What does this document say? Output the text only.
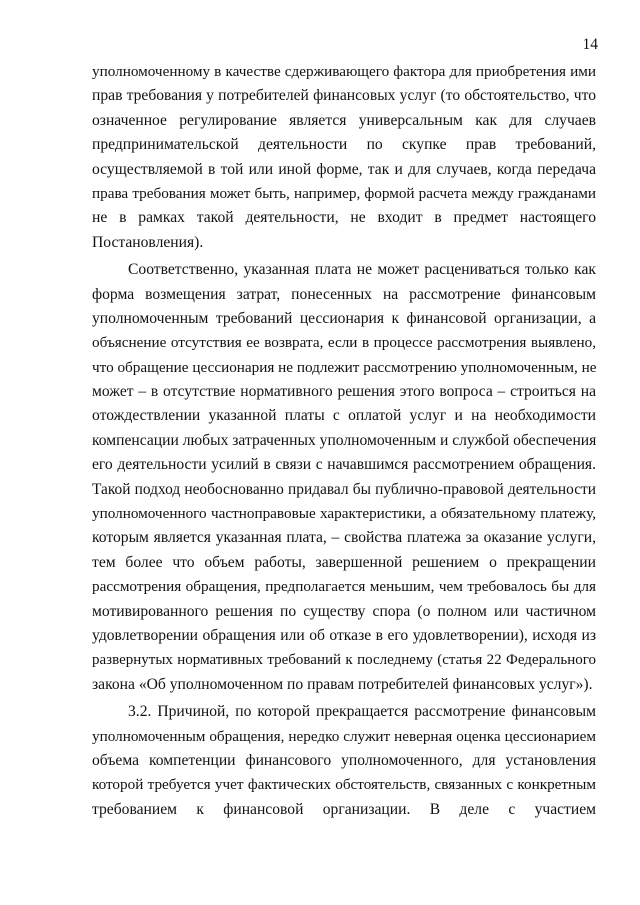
14
уполномоченному в качестве сдерживающего фактора для приобретения ими
прав требования у потребителей финансовых услуг (то обстоятельство, что
означенное регулирование является универсальным как для случаев
предпринимательской деятельности по скупке прав требований,
осуществляемой в той или иной форме, так и для случаев, когда передача
права требования может быть, например, формой расчета между гражданами
не в рамках такой деятельности, не входит в предмет настоящего
Постановления).
Соответственно, указанная плата не может расцениваться только как
форма возмещения затрат, понесенных на рассмотрение финансовым
уполномоченным требований цессионария к финансовой организации, а
объяснение отсутствия ее возврата, если в процессе рассмотрения выявлено,
что обращение цессионария не подлежит рассмотрению уполномоченным, не
может – в отсутствие нормативного решения этого вопроса – строиться на
отождествлении указанной платы с оплатой услуг и на необходимости
компенсации любых затраченных уполномоченным и службой обеспечения
его деятельности усилий в связи с начавшимся рассмотрением обращения.
Такой подход необоснованно придавал бы публично-правовой деятельности
уполномоченного частноправовые характеристики, а обязательному платежу,
которым является указанная плата, – свойства платежа за оказание услуги,
тем более что объем работы, завершенной решением о прекращении
рассмотрения обращения, предполагается меньшим, чем требовалось бы для
мотивированного решения по существу спора (о полном или частичном
удовлетворении обращения или об отказе в его удовлетворении), исходя из
развернутых нормативных требований к последнему (статья 22 Федерального
закона «Об уполномоченном по правам потребителей финансовых услуг»).
3.2. Причиной, по которой прекращается рассмотрение финансовым
уполномоченным обращения, нередко служит неверная оценка цессионарием
объема компетенции финансового уполномоченного, для установления
которой требуется учет фактических обстоятельств, связанных с конкретным
требованием к финансовой организации. В деле с участием
